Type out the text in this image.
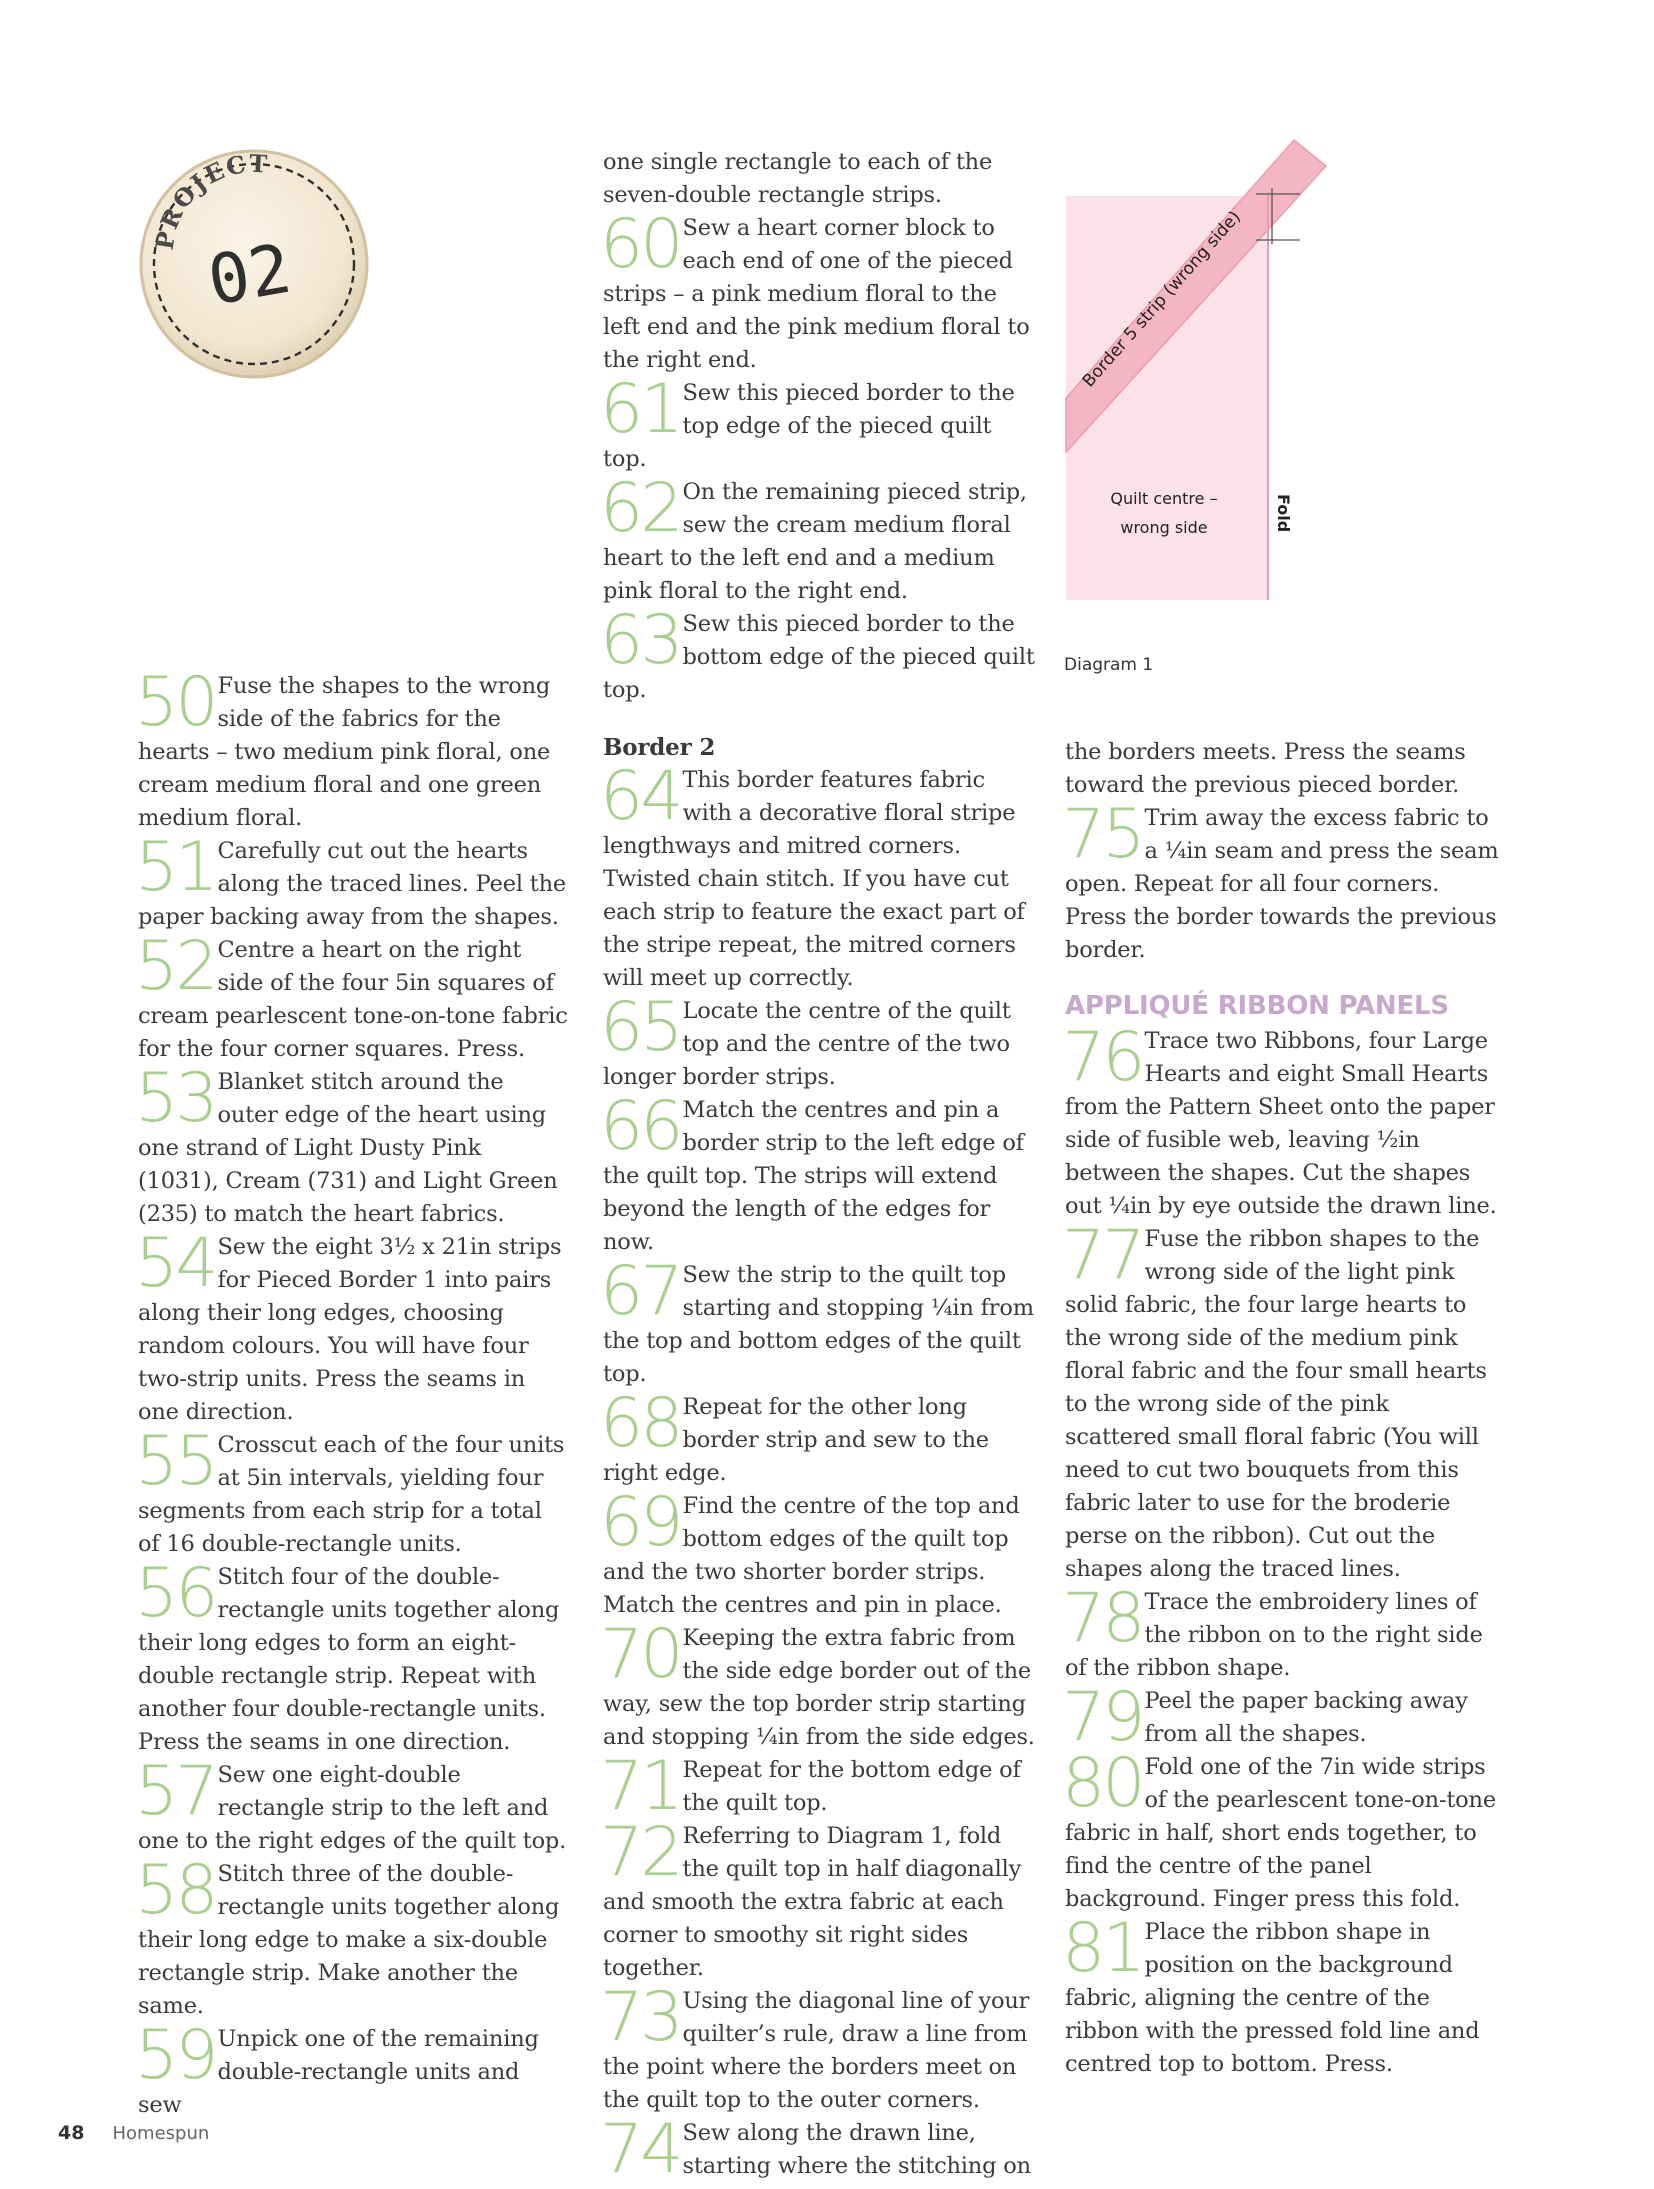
PROJECT
02	Border 5 strip (wrong side)
Quilt centre –
wrong side	Fold
Diagram 1
50 Fuse the shapes to the wrong side of the fabrics for the hearts – two medium pink floral, one cream medium floral and one green medium floral.

51 Carefully cut out the hearts along the traced lines. Peel the paper backing away from the shapes.

52 Centre a heart on the right side of the four 5in squares of cream pearlescent tone-on-tone fabric for the four corner squares. Press.

53 Blanket stitch around the outer edge of the heart using one strand of Light Dusty Pink (1031), Cream (731) and Light Green (235) to match the heart fabrics.

54 Sew the eight 3½ x 21in strips for Pieced Border 1 into pairs along their long edges, choosing random colours. You will have four two-strip units. Press the seams in one direction.

55 Crosscut each of the four units at 5in intervals, yielding four segments from each strip for a total of 16 double-rectangle units.

56 Stitch four of the double-rectangle units together along their long edges to form an eight-double rectangle strip. Repeat with another four double-rectangle units. Press the seams in one direction.

57 Sew one eight-double rectangle strip to the left and one to the right edges of the quilt top.

58 Stitch three of the double-rectangle units together along their long edge to make a six-double rectangle strip. Make another the same.

59 Unpick one of the remaining double-rectangle units and sew

one single rectangle to each of the seven-double rectangle strips.

60 Sew a heart corner block to each end of one of the pieced strips – a pink medium floral to the left end and the pink medium floral to the right end.

61 Sew this pieced border to the top edge of the pieced quilt top.

62 On the remaining pieced strip, sew the cream medium floral heart to the left end and a medium pink floral to the right end.

63 Sew this pieced border to the bottom edge of the pieced quilt top.

Border 2

64 This border features fabric with a decorative floral stripe lengthways and mitred corners. Twisted chain stitch. If you have cut each strip to feature the exact part of the stripe repeat, the mitred corners will meet up correctly.

65 Locate the centre of the quilt top and the centre of the two longer border strips.

66 Match the centres and pin a border strip to the left edge of the quilt top. The strips will extend beyond the length of the edges for now.

67 Sew the strip to the quilt top starting and stopping ¼in from the top and bottom edges of the quilt top.

68 Repeat for the other long border strip and sew to the right edge.

69 Find the centre of the top and bottom edges of the quilt top and the two shorter border strips. Match the centres and pin in place.

70 Keeping the extra fabric from the side edge border out of the way, sew the top border strip starting and stopping ¼in from the side edges.

71 Repeat for the bottom edge of the quilt top.

72 Referring to Diagram 1, fold the quilt top in half diagonally and smooth the extra fabric at each corner to smoothy sit right sides together.

73 Using the diagonal line of your quilter’s rule, draw a line from the point where the borders meet on the quilt top to the outer corners.

74 Sew along the drawn line, starting where the stitching on

the borders meets. Press the seams toward the previous pieced border.

75 Trim away the excess fabric to a ¼in seam and press the seam open. Repeat for all four corners. Press the border towards the previous border.

APPLIQUÉ RIBBON PANELS

76 Trace two Ribbons, four Large Hearts and eight Small Hearts from the Pattern Sheet onto the paper side of fusible web, leaving ½in between the shapes. Cut the shapes out ¼in by eye outside the drawn line.

77 Fuse the ribbon shapes to the wrong side of the light pink solid fabric, the four large hearts to the wrong side of the medium pink floral fabric and the four small hearts to the wrong side of the pink scattered small floral fabric (You will need to cut two bouquets from this fabric later to use for the broderie perse on the ribbon). Cut out the shapes along the traced lines.

78 Trace the embroidery lines of the ribbon on to the right side of the ribbon shape.

79 Peel the paper backing away from all the shapes.

80 Fold one of the 7in wide strips of the pearlescent tone-on-tone fabric in half, short ends together, to find the centre of the panel background. Finger press this fold.

81 Place the ribbon shape in position on the background fabric, aligning the centre of the ribbon with the pressed fold line and centred top to bottom. Press.

48 Homespun
